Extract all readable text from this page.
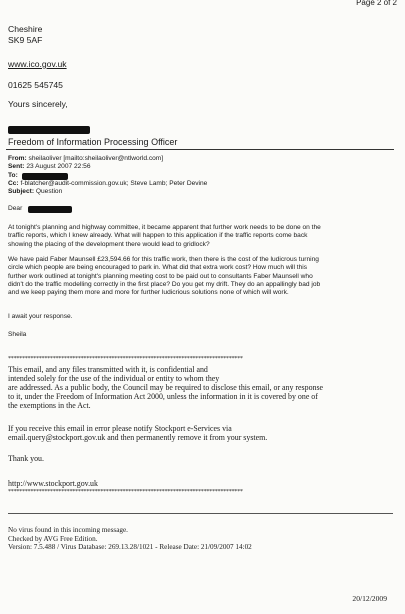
Page 2 of 2
Cheshire
SK9 5AF
www.ico.gov.uk
01625 545745
Yours sincerely,
Freedom of Information Processing Officer
From: sheilaoliver [mailto:sheilaoliver@ntlworld.com]
Sent: 23 August 2007 22:56
To:
Cc: f-blatcher@audit-commission.gov.uk; Steve Lamb; Peter Devine
Subject: Question
Dear
At tonight's planning and highway committee, it became apparent that further work needs to be done on the
traffic reports, which I knew already. What will happen to this application if the traffic reports come back
showing the placing of the development there would lead to gridlock?
We have paid Faber Maunsell £23,594.66 for this traffic work, then there is the cost of the ludicrous turning
circle which people are being encouraged to park in. What did that extra work cost? How much will this
further work outlined at tonight's planning meeting cost to be paid out to consultants Faber Maunsell who
didn't do the traffic modelling correctly in the first place? Do you get my drift. They do an appallingly bad job
and we keep paying them more and more for further ludicrious solutions none of which will work.
I await your response.
Sheila
************************************************************************************
This email, and any files transmitted with it, is confidential and
intended solely for the use of the individual or entity to whom they
are addressed. As a public body, the Council may be required to disclose this email, or any response
to it, under the Freedom of Information Act 2000, unless the information in it is covered by one of
the exemptions in the Act.
If you receive this email in error please notify Stockport e-Services via
email.query@stockport.gov.uk and then permanently remove it from your system.
Thank you.
http://www.stockport.gov.uk
************************************************************************************
No virus found in this incoming message.
Checked by AVG Free Edition.
Version: 7.5.488 / Virus Database: 269.13.28/1021 - Release Date: 21/09/2007 14:02
20/12/2009
